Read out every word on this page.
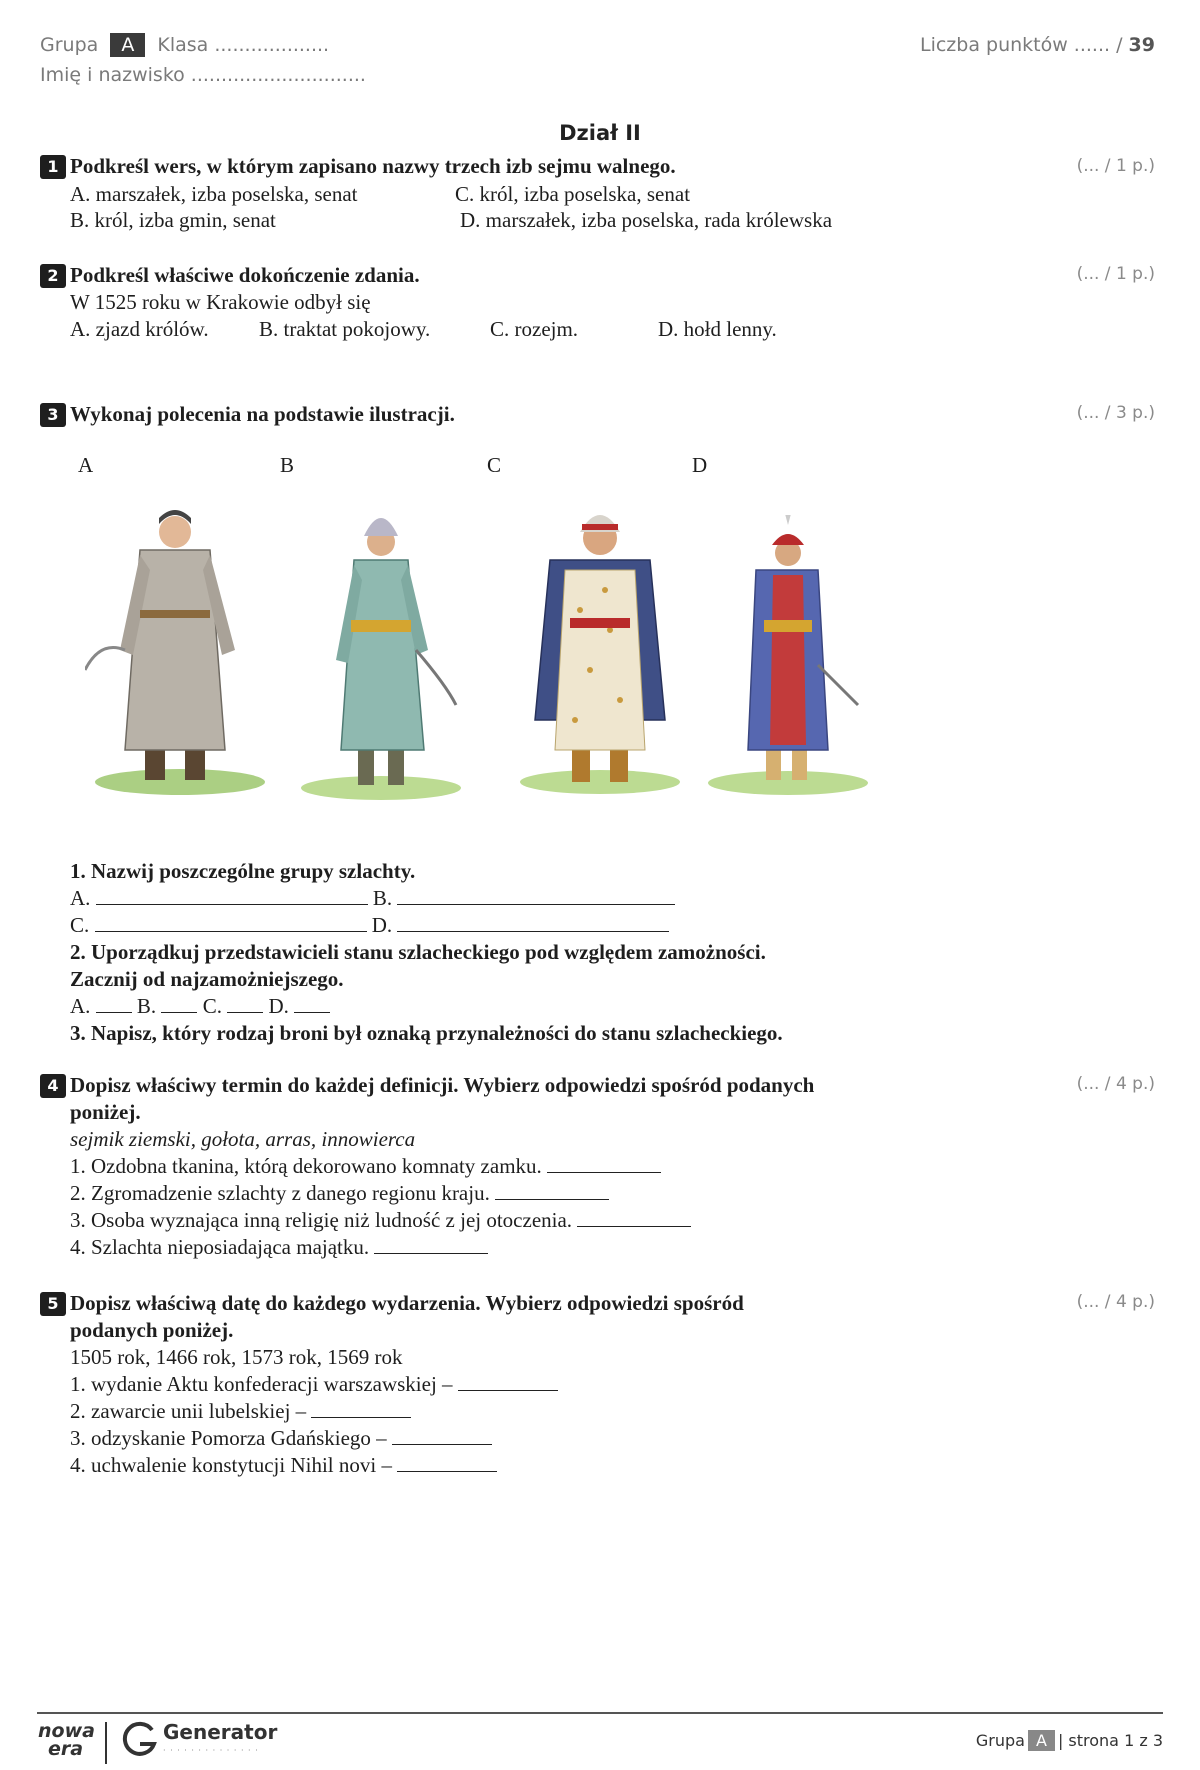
Grupa A Klasa ...................
Imię i nazwisko .............................
Liczba punktów ...... / 39
Dział II
1 Podkreśl wers, w którym zapisano nazwy trzech izb sejmu walnego.	(... / 1 p.)
A. marszałek, izba poselska, senat	C. król, izba poselska, senat
B. król, izba gmin, senat	D. marszałek, izba poselska, rada królewska
2 Podkreśl właściwe dokończenie zdania.	(... / 1 p.)
W 1525 roku w Krakowie odbył się
A. zjazd królów. B. traktat pokojowy.	C. rozejm.	D. hołd lenny.
3 Wykonaj polecenia na podstawie ilustracji.	(... / 3 p.)
A	B	C	D
1. Nazwij poszczególne grupy szlachty.
A.	B.
C.	D.
2. Uporządkuj przedstawicieli stanu szlacheckiego pod względem zamożności.
Zacznij od najzamożniejszego.
A. B. C. D.
3. Napisz, który rodzaj broni był oznaką przynależności do stanu szlacheckiego.
4 Dopisz właściwy termin do każdej definicji. Wybierz odpowiedzi spośród podanych
poniżej.
(... / 4 p.)
sejmik ziemski, gołota, arras, innowierca
1. Ozdobna tkanina, którą dekorowano komnaty zamku.
2. Zgromadzenie szlachty z danego regionu kraju.
3. Osoba wyznająca inną religię niż ludność z jej otoczenia.
4. Szlachta nieposiadająca majątku.
5 Dopisz właściwą datę do każdego wydarzenia. Wybierz odpowiedzi spośród
podanych poniżej.
(... / 4 p.)
1505 rok, 1466 rok, 1573 rok, 1569 rok
1. wydanie Aktu konfederacji warszawskiej –
2. zawarcie unii lubelskiej –
3. odzyskanie Pomorza Gdańskiego –
4. uchwalenie konstytucji Nihil novi –
nowa
era
Generator
· · · · · · · · · · · · · ·
Grupa A | strona 1 z 3
